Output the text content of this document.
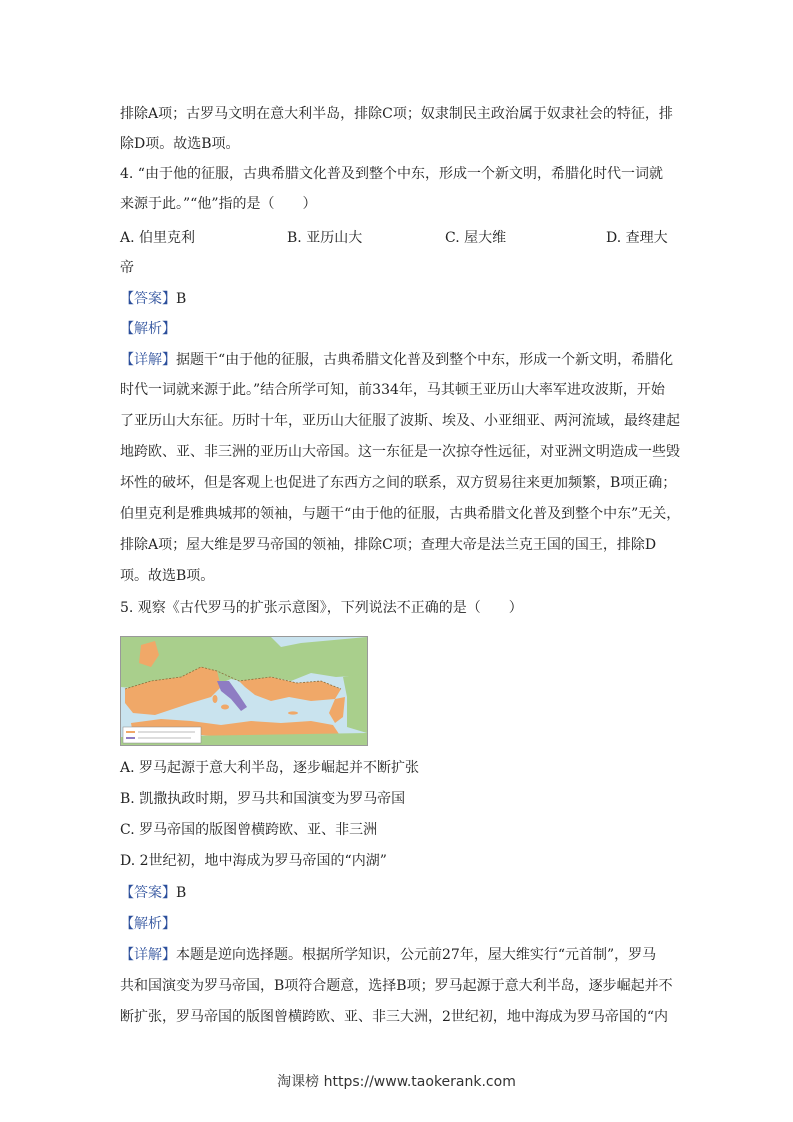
排除A项；古罗马文明在意大利半岛，排除C项；奴隶制民主政治属于奴隶社会的特征，排
除D项。故选B项。
4. “由于他的征服，古典希腊文化普及到整个中东，形成一个新文明，希腊化时代一词就
来源于此。”“他”指的是（　　）
A. 伯里克利	B. 亚历山大	C. 屋大维	D. 查理大
帝
【答案】B
【解析】
【详解】据题干“由于他的征服，古典希腊文化普及到整个中东，形成一个新文明，希腊化
时代一词就来源于此。”结合所学可知，前334年，马其顿王亚历山大率军进攻波斯，开始
了亚历山大东征。历时十年，亚历山大征服了波斯、埃及、小亚细亚、两河流域，最终建起
地跨欧、亚、非三洲的亚历山大帝国。这一东征是一次掠夺性远征，对亚洲文明造成一些毁
坏性的破坏，但是客观上也促进了东西方之间的联系，双方贸易往来更加频繁，B项正确；
伯里克利是雅典城邦的领袖，与题干“由于他的征服，古典希腊文化普及到整个中东”无关，
排除A项；屋大维是罗马帝国的领袖，排除C项；查理大帝是法兰克王国的国王，排除D
项。故选B项。
5. 观察《古代罗马的扩张示意图》，下列说法不正确的是（　　）
A. 罗马起源于意大利半岛，逐步崛起并不断扩张
B. 凯撒执政时期，罗马共和国演变为罗马帝国
C. 罗马帝国的版图曾横跨欧、亚、非三洲
D. 2世纪初，地中海成为罗马帝国的“内湖”
【答案】B
【解析】
【详解】本题是逆向选择题。根据所学知识，公元前27年，屋大维实行“元首制”，罗马
共和国演变为罗马帝国，B项符合题意，选择B项；罗马起源于意大利半岛，逐步崛起并不
断扩张，罗马帝国的版图曾横跨欧、亚、非三大洲，2世纪初，地中海成为罗马帝国的“内
淘课榜 https://www.taokerank.com
